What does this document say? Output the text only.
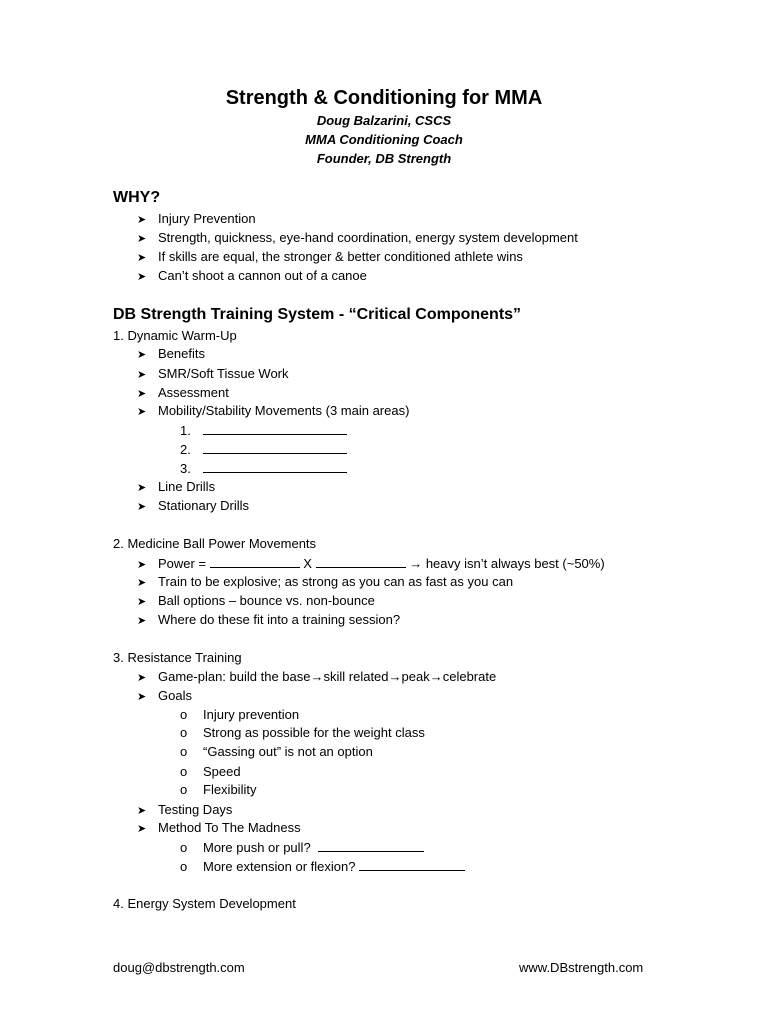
Strength & Conditioning for MMA
Doug Balzarini, CSCS
MMA Conditioning Coach
Founder, DB Strength
WHY?
➤ Injury Prevention
➤ Strength, quickness, eye-hand coordination, energy system development
➤ If skills are equal, the stronger & better conditioned athlete wins
➤ Can’t shoot a cannon out of a canoe
DB Strength Training System - “Critical Components”
1. Dynamic Warm-Up
➤ Benefits
➤ SMR/Soft Tissue Work
➤ Assessment
➤ Mobility/Stability Movements (3 main areas)
1.
2.
3.
➤ Line Drills
➤ Stationary Drills
2. Medicine Ball Power Movements
➤ Power =	X	→ heavy isn’t always best (~50%)
➤ Train to be explosive; as strong as you can as fast as you can
➤ Ball options – bounce vs. non-bounce
➤ Where do these fit into a training session?
3. Resistance Training
➤ Game-plan: build the base→skill related→peak→celebrate
➤ Goals
o Injury prevention
o Strong as possible for the weight class
o “Gassing out” is not an option
o Speed
o Flexibility
➤ Testing Days
➤ Method To The Madness
o More push or pull?
o More extension or flexion?
4. Energy System Development
doug@dbstrength.com	www.DBstrength.com
